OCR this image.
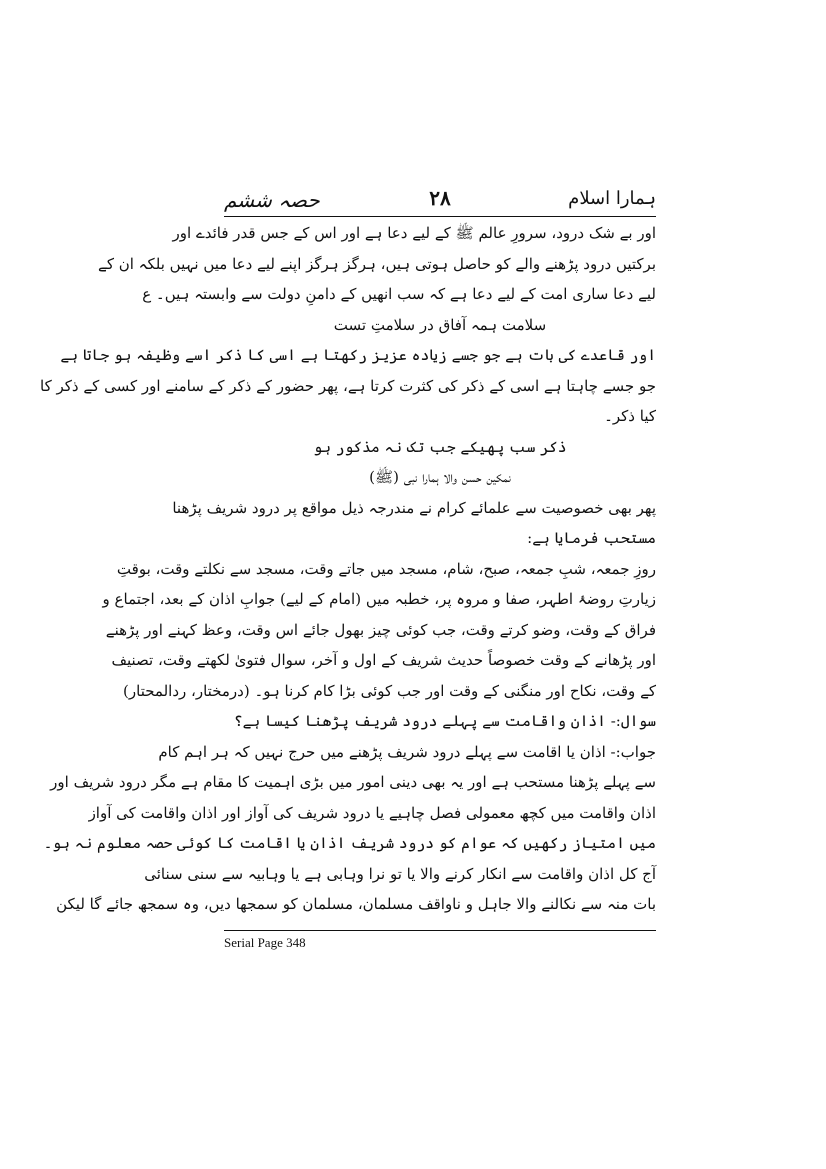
حصہ ششم	۲۸	ہمارا اسلام
اور بے شک درود، سرورِ عالم ﷺ کے لیے دعا ہے اور اس کے جس قدر فائدے اور
برکتیں درود پڑھنے والے کو حاصل ہوتی ہیں، ہرگز ہرگز اپنے لیے دعا میں نہیں بلکہ ان کے
لیے دعا ساری امت کے لیے دعا ہے کہ سب انھیں کے دامنِ دولت سے وابستہ ہیں۔ ع
سلامت ہمہ آفاق در سلامتِ تست
اور قاعدے کی بات ہے جو جسے زیادہ عزیز رکھتا ہے اسی کا ذکر اسے وظیفہ ہو جاتا ہے
جو جسے چاہتا ہے اسی کے ذکر کی کثرت کرتا ہے، پھر حضور کے ذکر کے سامنے اور کسی کے ذکر کا
کیا ذکر۔
ذکر سب پھیکے جب تک نہ مذکور ہو
نمکین حسن والا ہمارا نبی (ﷺ)
پھر بھی خصوصیت سے علمائے کرام نے مندرجہ ذیل مواقع پر درود شریف پڑھنا
مستحب فرمایا ہے:
روزِ جمعہ، شبِ جمعہ، صبح، شام، مسجد میں جاتے وقت، مسجد سے نکلتے وقت، بوقتِ
زیارتِ روضۂ اطہر، صفا و مروہ پر، خطبہ میں (امام کے لیے) جوابِ اذان کے بعد، اجتماع و
فراق کے وقت، وضو کرتے وقت، جب کوئی چیز بھول جائے اس وقت، وعظ کہنے اور پڑھنے
اور پڑھانے کے وقت خصوصاً حدیث شریف کے اول و آخر، سوال فتویٰ لکھتے وقت، تصنیف
کے وقت، نکاح اور منگنی کے وقت اور جب کوئی بڑا کام کرنا ہو۔ (درمختار، ردالمحتار)
سوال:- اذان واقامت سے پہلے درود شریف پڑھنا کیسا ہے؟
جواب:- اذان یا اقامت سے پہلے درود شریف پڑھنے میں حرج نہیں کہ ہر اہم کام
سے پہلے پڑھنا مستحب ہے اور یہ بھی دینی امور میں بڑی اہمیت کا مقام ہے مگر درود شریف اور
اذان واقامت میں کچھ معمولی فصل چاہیے یا درود شریف کی آواز اور اذان واقامت کی آواز
میں امتیاز رکھیں کہ عوام کو درود شریف اذان یا اقامت کا کوئی حصہ معلوم نہ ہو۔
آج کل اذان واقامت سے انکار کرنے والا یا تو نرا وہابی ہے یا وہابیہ سے سنی سنائی
بات منہ سے نکالنے والا جاہل و ناواقف مسلمان، مسلمان کو سمجھا دیں، وہ سمجھ جائے گا لیکن
Serial Page 348
